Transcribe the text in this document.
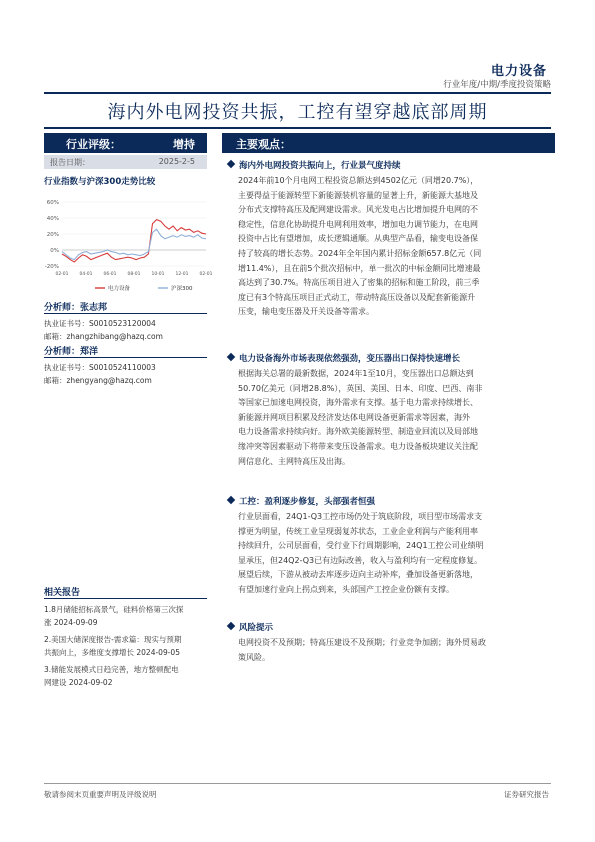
电力设备
行业年度/中期/季度投资策略
海内外电网投资共振，工控有望穿越底部周期
行业评级：	增持
报告日期：	2025-2-5
行业指数与沪深300走势比较
60%
40%
20%
0%
-20%
02-01 04-01 06-01 08-01 10-01 12-01 02-01
电力设备	沪深300
分析师：张志邦
执业证书号：S0010523120004
邮箱：zhangzhibang@hazq.com
分析师：郑洋
执业证书号：S0010524110003
邮箱：zhengyang@hazq.com
相关报告
1.8月储能招标高景气，硅料价格第三次探
涨 2024-09-09
2.美国大储深度报告-需求篇：现实与预期
共振向上，多维度支撑增长 2024-09-05
3.储能发展模式日趋完善，地方整顿配电
网建设 2024-09-02
主要观点：
海内外电网投资共振向上，行业景气度持续
2024年前10个月电网工程投资总额达到4502亿元（同增20.7%），
主要得益于能源转型下新能源装机容量的显著上升，新能源大基地及
分布式支撑特高压及配网建设需求。风光发电占比增加提升电网的不
稳定性，信息化协助提升电网利用效率，增加电力调节能力，在电网
投资中占比有望增加，成长逻辑通顺。从典型产品看，输变电设备保
持了较高的增长态势。2024年全年国内累计招标金额657.8亿元（同
增11.4%），且在前5个批次招标中，单一批次的中标金额同比增速最
高达到了30.7%。特高压项目进入了密集的招标和施工阶段，前三季
度已有3个特高压项目正式动工，带动特高压设备以及配套新能源升
压变，输电变压器及开关设备等需求。
电力设备海外市场表现依然强劲，变压器出口保持快速增长
根据海关总署的最新数据，2024年1至10月，变压器出口总额达到
50.70亿美元（同增28.8%），英国、美国、日本、印度、巴西、南非
等国家已加速电网投资，海外需求有支撑。基于电力需求持续增长、
新能源并网项目积累及经济发达体电网设备更新需求等因素，海外
电力设备需求持续向好。海外欧美能源转型、制造业回流以及局部地
缘冲突等因素驱动下将带来变压设备需求。电力设备板块建议关注配
网信息化、主网特高压及出海。
工控：盈利逐步修复，头部强者恒强
行业层面看，24Q1-Q3工控市场仍处于筑底阶段，项目型市场需求支
撑更为明显，传统工业呈现弱复苏状态，工业企业利润与产能利用率
持续回升，公司层面看，受行业下行周期影响，24Q1工控公司业绩明
显承压，但24Q2-Q3已有边际改善，收入与盈利均有一定程度修复。
展望后续，下游从被动去库逐步迈向主动补库，叠加设备更新落地，
有望加速行业向上拐点到来，头部国产工控企业份额有支撑。
风险提示
电网投资不及预期；特高压建设不及预期；行业竞争加剧；海外贸易政
策风险。
敬请参阅末页重要声明及评级说明	证券研究报告
